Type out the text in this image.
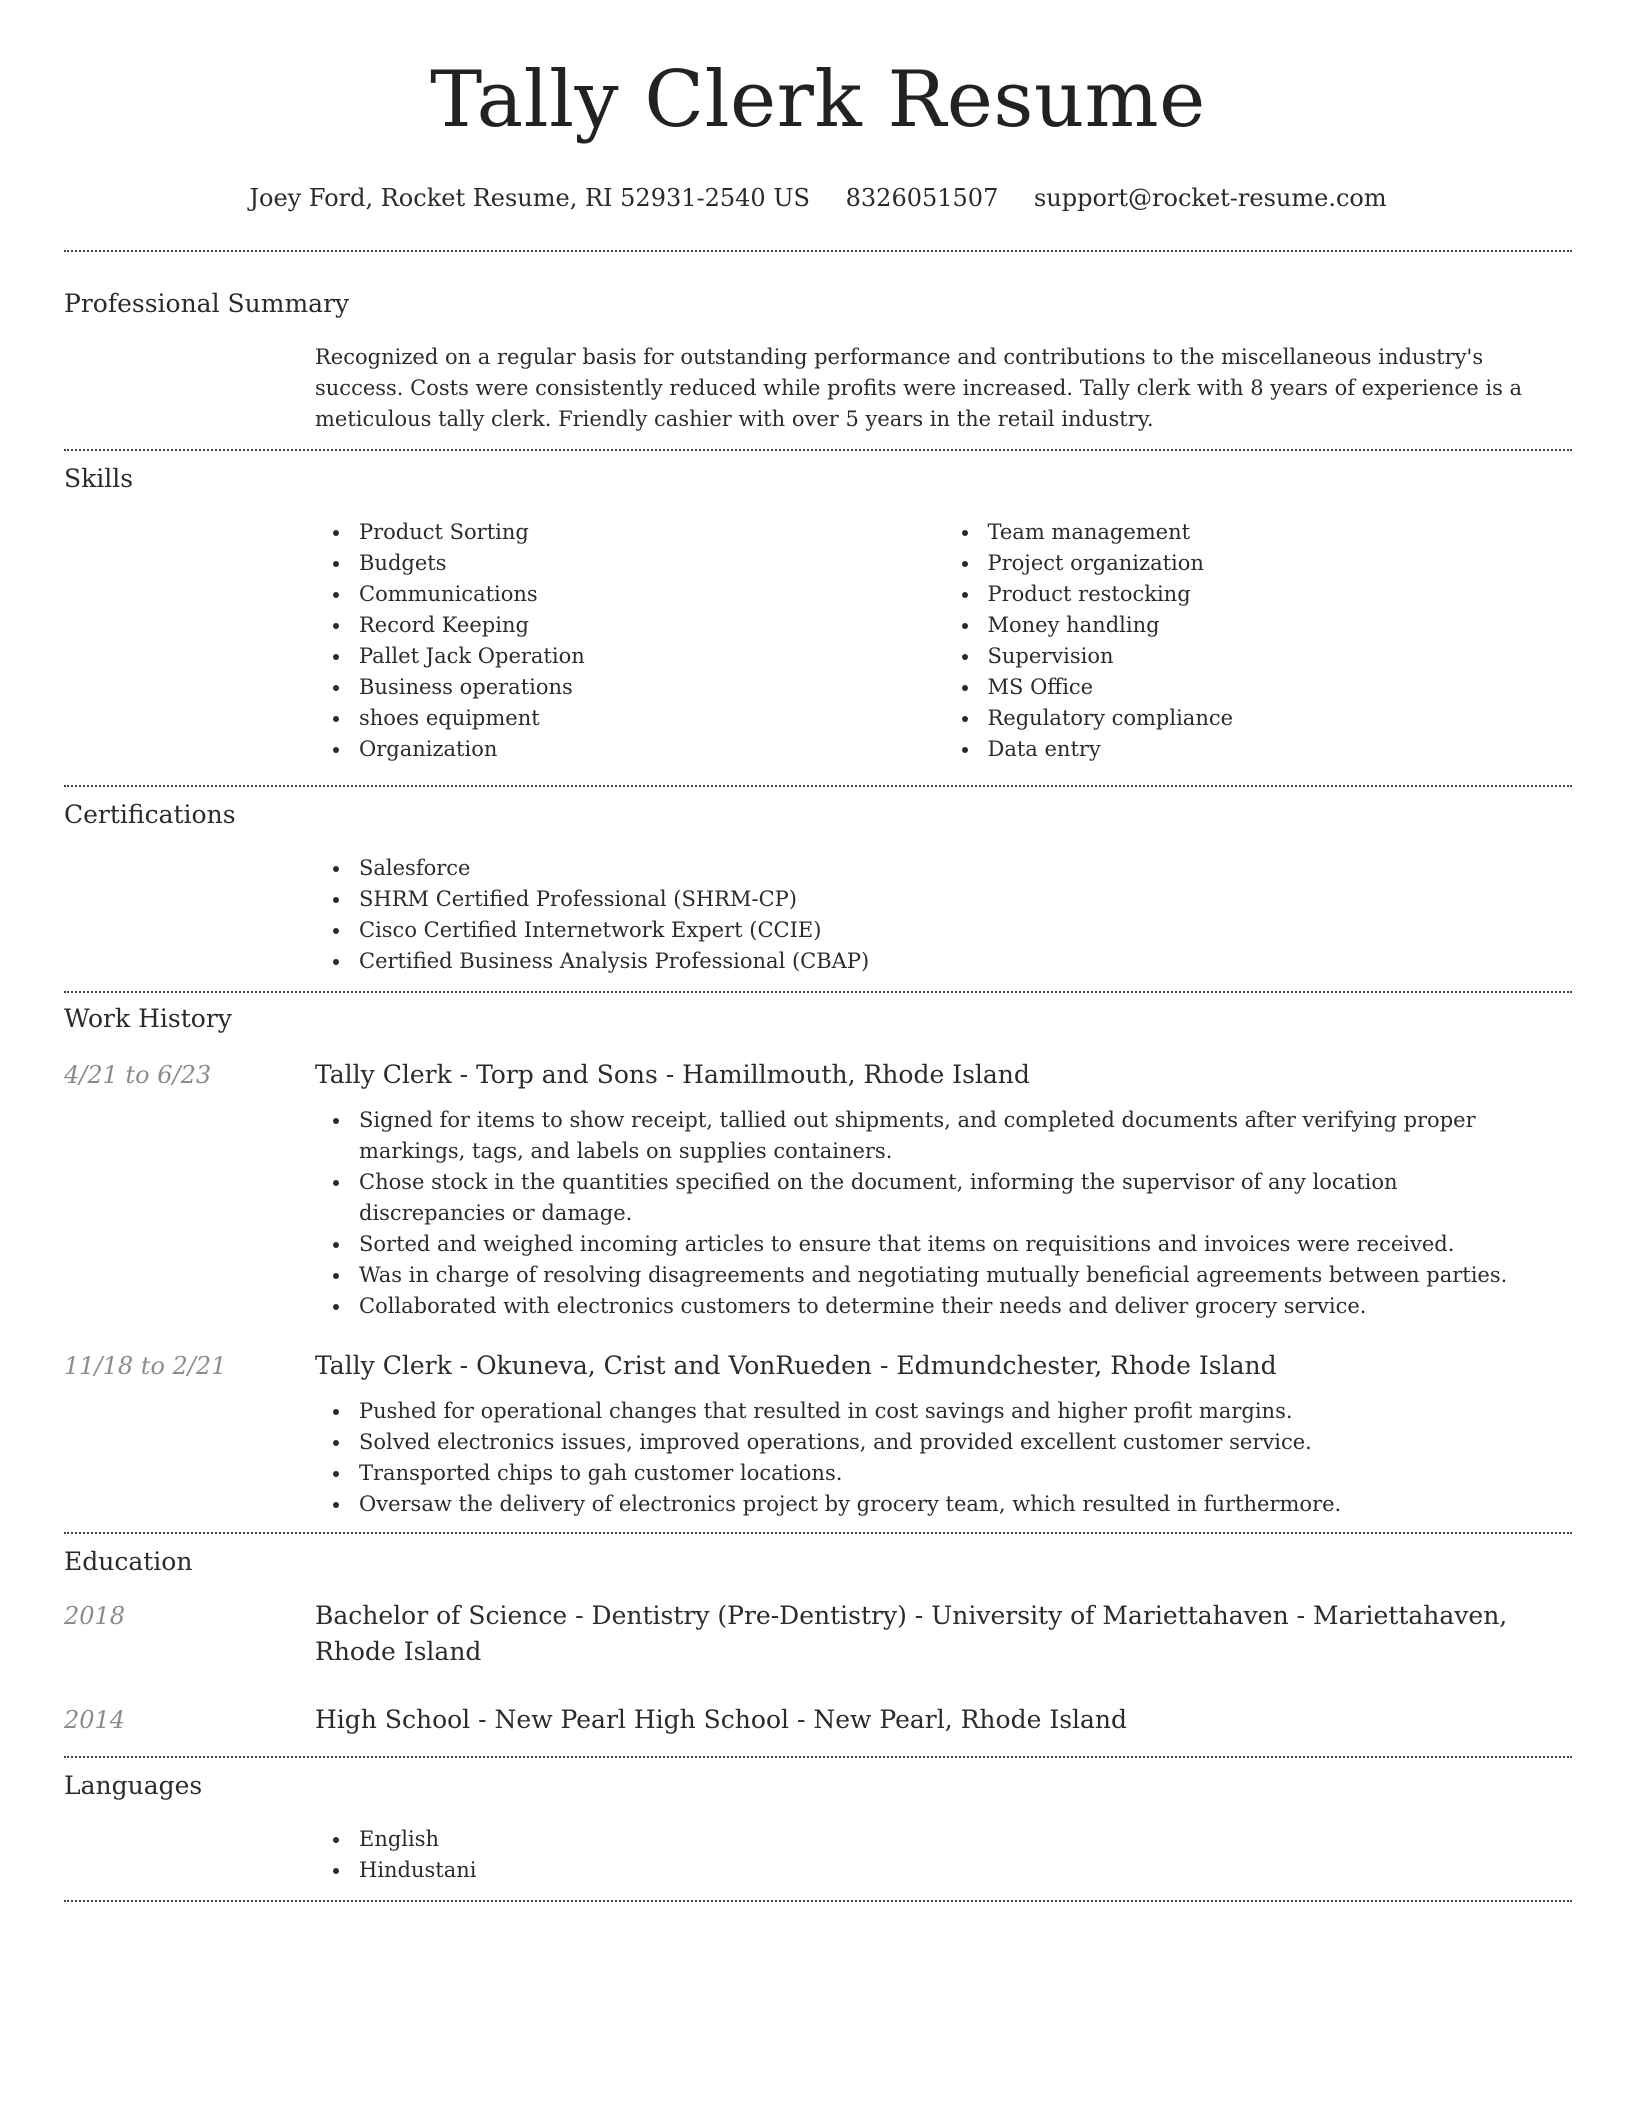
Tally Clerk Resume
Joey Ford, Rocket Resume, RI 52931-2540 US 8326051507 support@rocket-resume.com
Professional Summary
Recognized on a regular basis for outstanding performance and contributions to the miscellaneous industry's success. Costs were consistently reduced while profits were increased. Tally clerk with 8 years of experience is a meticulous tally clerk. Friendly cashier with over 5 years in the retail industry.
Skills
Product Sorting
Budgets
Communications
Record Keeping
Pallet Jack Operation
Business operations
shoes equipment
Organization
Team management
Project organization
Product restocking
Money handling
Supervision
MS Office
Regulatory compliance
Data entry
Certifications
Salesforce
SHRM Certified Professional (SHRM-CP)
Cisco Certified Internetwork Expert (CCIE)
Certified Business Analysis Professional (CBAP)
Work History
4/21 to 6/23	Tally Clerk - Torp and Sons - Hamillmouth, Rhode Island
Signed for items to show receipt, tallied out shipments, and completed documents after verifying proper markings, tags, and labels on supplies containers.
Chose stock in the quantities specified on the document, informing the supervisor of any location discrepancies or damage.
Sorted and weighed incoming articles to ensure that items on requisitions and invoices were received.
Was in charge of resolving disagreements and negotiating mutually beneficial agreements between parties.
Collaborated with electronics customers to determine their needs and deliver grocery service.
11/18 to 2/21	Tally Clerk - Okuneva, Crist and VonRueden - Edmundchester, Rhode Island
Pushed for operational changes that resulted in cost savings and higher profit margins.
Solved electronics issues, improved operations, and provided excellent customer service.
Transported chips to gah customer locations.
Oversaw the delivery of electronics project by grocery team, which resulted in furthermore.
Education
2018	Bachelor of Science - Dentistry (Pre-Dentistry) - University of Mariettahaven - Mariettahaven, Rhode Island
2014	High School - New Pearl High School - New Pearl, Rhode Island
Languages
English
Hindustani
